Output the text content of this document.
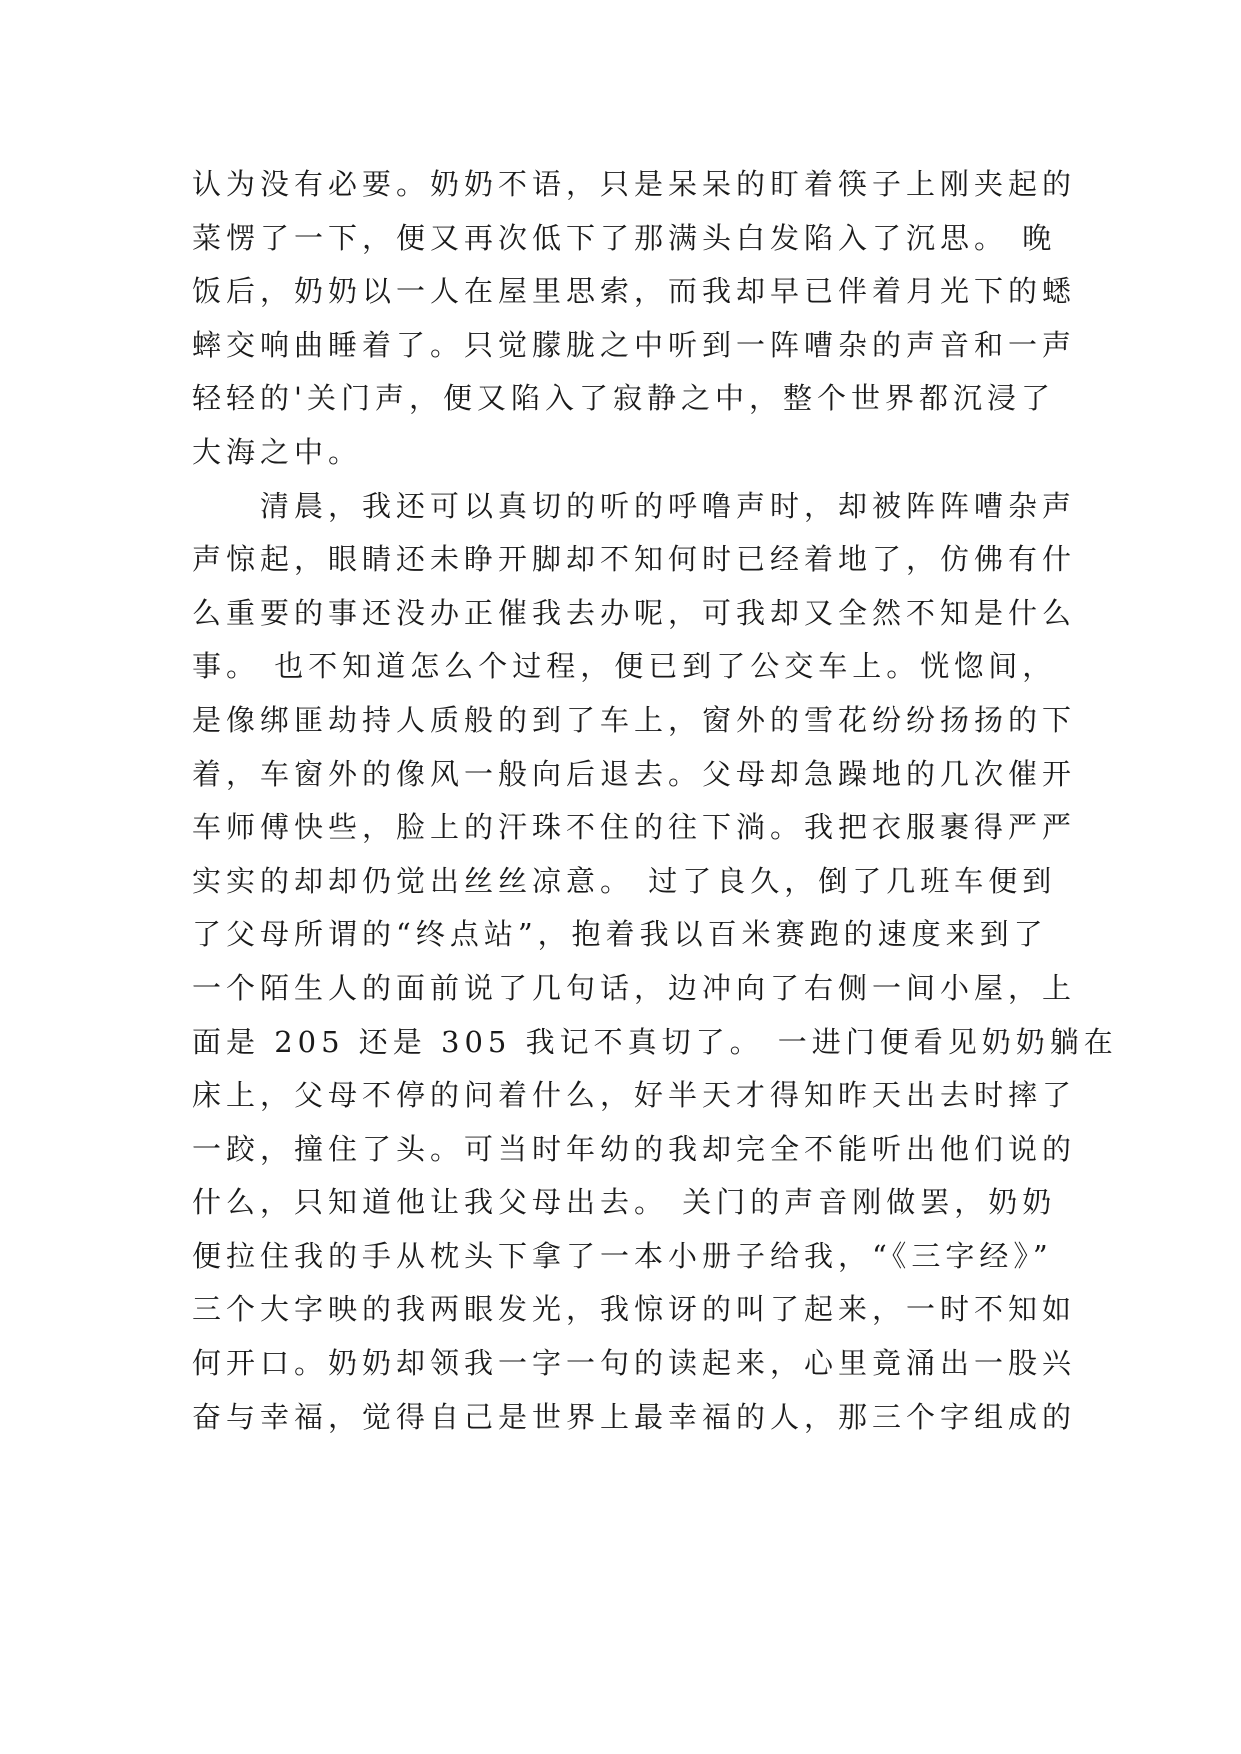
认为没有必要。奶奶不语，只是呆呆的盯着筷子上刚夹起的
菜愣了一下，便又再次低下了那满头白发陷入了沉思。 晚
饭后，奶奶以一人在屋里思索，而我却早已伴着月光下的蟋
蟀交响曲睡着了。只觉朦胧之中听到一阵嘈杂的声音和一声
轻轻的'关门声，便又陷入了寂静之中，整个世界都沉浸了
大海之中。
　　清晨，我还可以真切的听的呼噜声时，却被阵阵嘈杂声
声惊起，眼睛还未睁开脚却不知何时已经着地了，仿佛有什
么重要的事还没办正催我去办呢，可我却又全然不知是什么
事。 也不知道怎么个过程，便已到了公交车上。恍惚间，
是像绑匪劫持人质般的到了车上，窗外的雪花纷纷扬扬的下
着，车窗外的像风一般向后退去。父母却急躁地的几次催开
车师傅快些，脸上的汗珠不住的往下淌。我把衣服裹得严严
实实的却却仍觉出丝丝凉意。 过了良久，倒了几班车便到
了父母所谓的“终点站”，抱着我以百米赛跑的速度来到了
一个陌生人的面前说了几句话，边冲向了右侧一间小屋，上
面是 205 还是 305 我记不真切了。 一进门便看见奶奶躺在
床上，父母不停的问着什么，好半天才得知昨天出去时摔了
一跤，撞住了头。可当时年幼的我却完全不能听出他们说的
什么，只知道他让我父母出去。 关门的声音刚做罢，奶奶
便拉住我的手从枕头下拿了一本小册子给我，“《三字经》”
三个大字映的我两眼发光，我惊讶的叫了起来，一时不知如
何开口。奶奶却领我一字一句的读起来，心里竟涌出一股兴
奋与幸福，觉得自己是世界上最幸福的人，那三个字组成的
